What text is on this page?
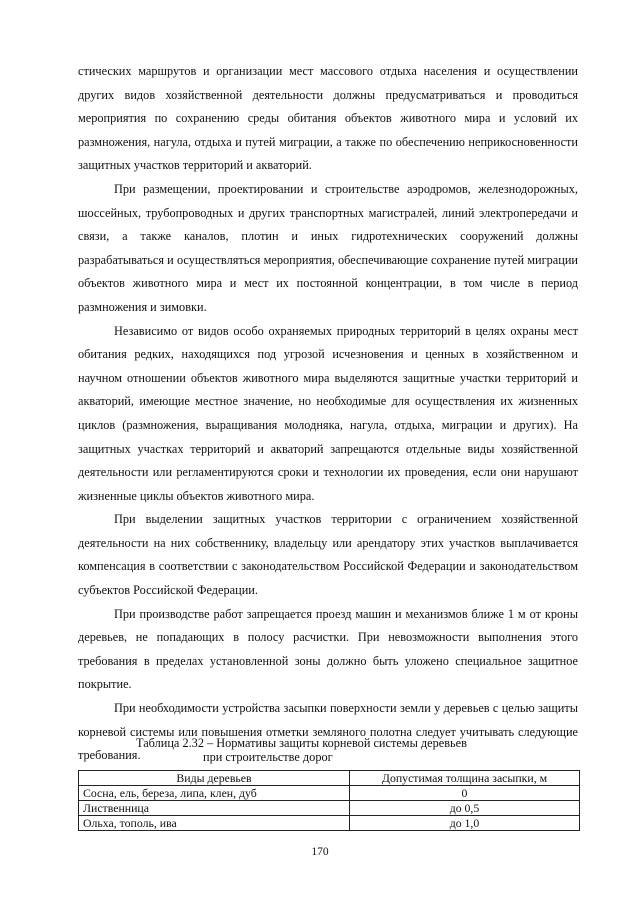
стических маршрутов и организации мест массового отдыха населения и осуществлении других видов хозяйственной деятельности должны предусматриваться и проводиться мероприятия по сохранению среды обитания объектов животного мира и условий их размножения, нагула, отдыха и путей миграции, а также по обеспечению неприкосновенности защитных участков территорий и акваторий.

При размещении, проектировании и строительстве аэродромов, железнодорожных, шоссейных, трубопроводных и других транспортных магистралей, линий электропередачи и связи, а также каналов, плотин и иных гидротехнических сооружений должны разрабатываться и осуществляться мероприятия, обеспечивающие сохранение путей миграции объектов животного мира и мест их постоянной концентрации, в том числе в период размножения и зимовки.

Независимо от видов особо охраняемых природных территорий в целях охраны мест обитания редких, находящихся под угрозой исчезновения и ценных в хозяйственном и научном отношении объектов животного мира выделяются защитные участки территорий и акваторий, имеющие местное значение, но необходимые для осуществления их жизненных циклов (размножения, выращивания молодняка, нагула, отдыха, миграции и других). На защитных участках территорий и акваторий запрещаются отдельные виды хозяйственной деятельности или регламентируются сроки и технологии их проведения, если они нарушают жизненные циклы объектов животного мира.

При выделении защитных участков территории с ограничением хозяйственной деятельности на них собственнику, владельцу или арендатору этих участков выплачивается компенсация в соответствии с законодательством Российской Федерации и законодательством субъектов Российской Федерации.

При производстве работ запрещается проезд машин и механизмов ближе 1 м от кроны деревьев, не попадающих в полосу расчистки. При невозможности выполнения этого требования в пределах установленной зоны должно быть уложено специальное защитное покрытие.

При необходимости устройства засыпки поверхности земли у деревьев с целью защиты корневой системы или повышения отметки земляного полотна следует учитывать следующие требования.

Таблица 2.32 – Нормативы защиты корневой системы деревьев
при строительстве дорог
Виды деревьев	Допустимая толщина засыпки, м
Сосна, ель, береза, липа, клен, дуб	0
Лиственница	до 0,5
Ольха, тополь, ива	до 1,0
170
